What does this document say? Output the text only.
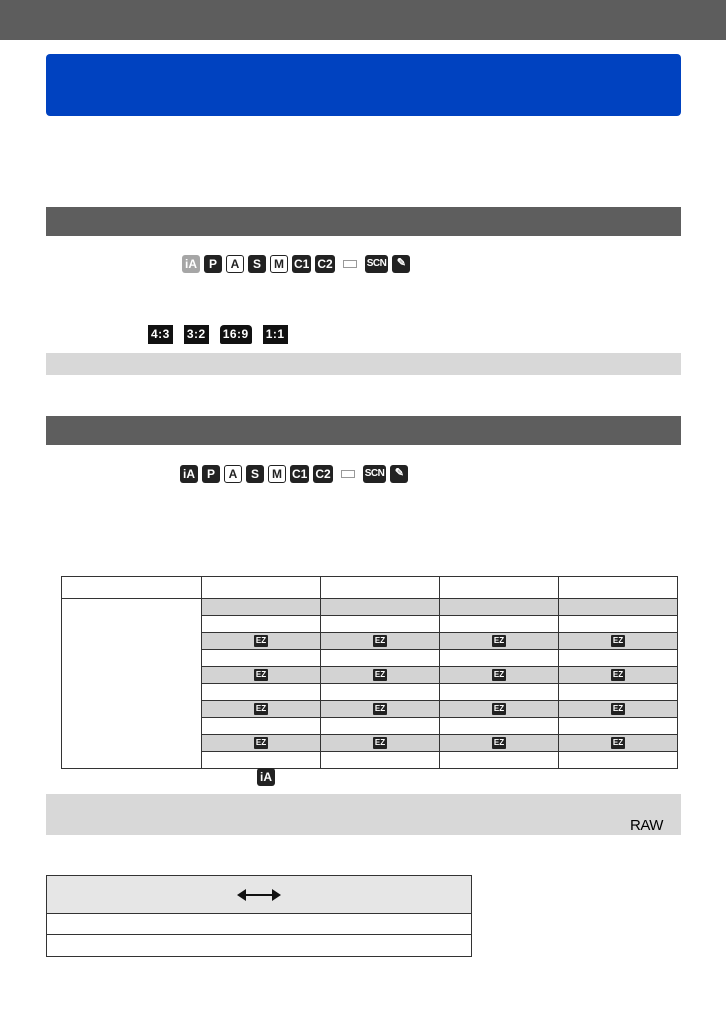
iA P	A	S	M C1 C2	SCN ✎
4:3 3:2 16:9 1:1
iA P	A	S	M C1 C2	SCN ✎

	EZ	EZ	EZ	EZ

	EZ	EZ	EZ	EZ

	EZ	EZ	EZ	EZ

	EZ	EZ	EZ	EZ

iA
RAW
